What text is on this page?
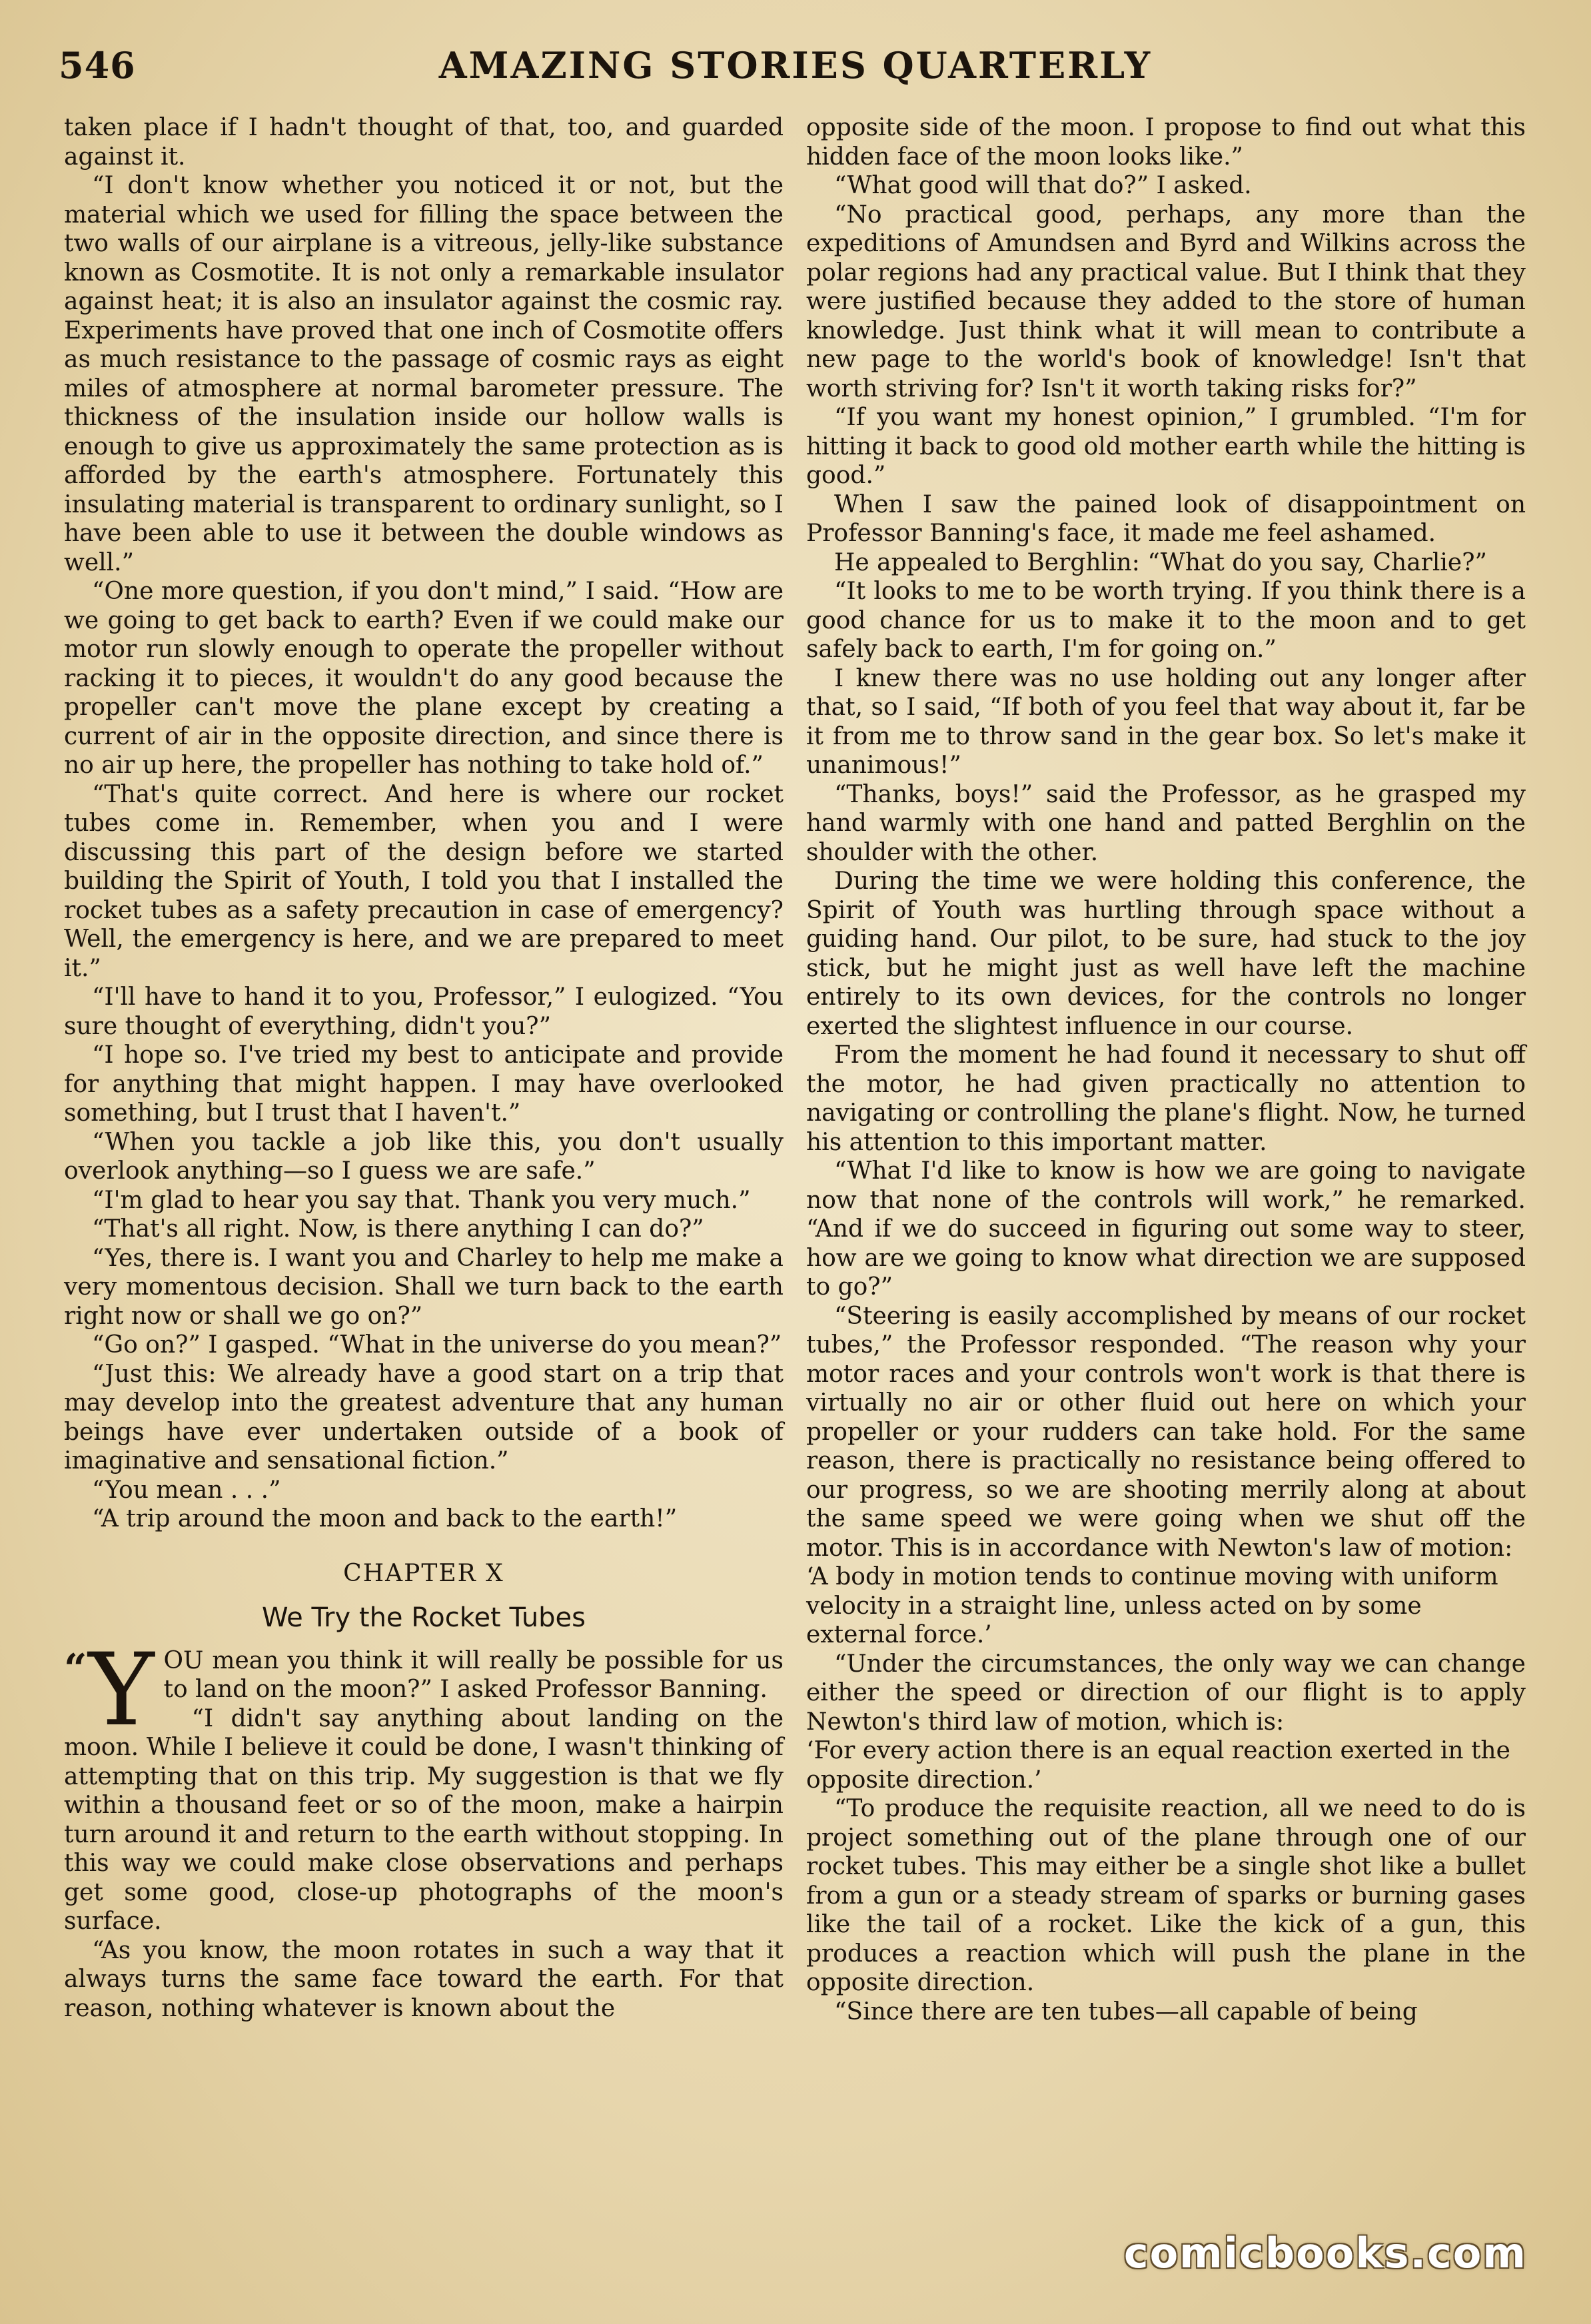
546	AMAZING STORIES QUARTERLY

taken place if I hadn't thought of that, too, and guarded against it.

“I don't know whether you noticed it or not, but the material which we used for filling the space between the two walls of our airplane is a vitreous, jelly-like substance known as Cosmotite. It is not only a remarkable insulator against heat; it is also an insulator against the cosmic ray. Experiments have proved that one inch of Cosmotite offers as much resistance to the passage of cosmic rays as eight miles of atmosphere at normal barometer pressure. The thickness of the insulation inside our hollow walls is enough to give us approximately the same protection as is afforded by the earth's atmosphere. Fortunately this insulating material is transparent to ordinary sunlight, so I have been able to use it between the double windows as well.”

“One more question, if you don't mind,” I said. “How are we going to get back to earth? Even if we could make our motor run slowly enough to operate the propeller without racking it to pieces, it wouldn't do any good because the propeller can't move the plane except by creating a current of air in the opposite direction, and since there is no air up here, the propeller has nothing to take hold of.”

“That's quite correct. And here is where our rocket tubes come in. Remember, when you and I were discussing this part of the design before we started building the Spirit of Youth, I told you that I installed the rocket tubes as a safety precaution in case of emergency? Well, the emergency is here, and we are prepared to meet it.”

“I'll have to hand it to you, Professor,” I eulogized. “You sure thought of everything, didn't you?”

“I hope so. I've tried my best to anticipate and provide for anything that might happen. I may have overlooked something, but I trust that I haven't.”

“When you tackle a job like this, you don't usually overlook anything—so I guess we are safe.”

“I'm glad to hear you say that. Thank you very much.”

“That's all right. Now, is there anything I can do?”

“Yes, there is. I want you and Charley to help me make a very momentous decision. Shall we turn back to the earth right now or shall we go on?”

“Go on?” I gasped. “What in the universe do you mean?”

“Just this: We already have a good start on a trip that may develop into the greatest adventure that any human beings have ever undertaken outside of a book of imaginative and sensational fiction.”

“You mean . . .”

“A trip around the moon and back to the earth!”

CHAPTER X
We Try the Rocket Tubes
“ Y OU mean you think it will really be possible for us to land on the moon?” I asked Professor Banning.

“I didn't say anything about landing on the moon. While I believe it could be done, I wasn't thinking of attempting that on this trip. My suggestion is that we fly within a thousand feet or so of the moon, make a hairpin turn around it and return to the earth without stopping. In this way we could make close observations and perhaps get some good, close-up photographs of the moon's surface.

“As you know, the moon rotates in such a way that it always turns the same face toward the earth. For that reason, nothing whatever is known about the

opposite side of the moon. I propose to find out what this hidden face of the moon looks like.”

“What good will that do?” I asked.

“No practical good, perhaps, any more than the expeditions of Amundsen and Byrd and Wilkins across the polar regions had any practical value. But I think that they were justified because they added to the store of human knowledge. Just think what it will mean to contribute a new page to the world's book of knowledge! Isn't that worth striving for? Isn't it worth taking risks for?”

“If you want my honest opinion,” I grumbled. “I'm for hitting it back to good old mother earth while the hitting is good.”

When I saw the pained look of disappointment on Professor Banning's face, it made me feel ashamed.

He appealed to Berghlin: “What do you say, Charlie?”

“It looks to me to be worth trying. If you think there is a good chance for us to make it to the moon and to get safely back to earth, I'm for going on.”

I knew there was no use holding out any longer after that, so I said, “If both of you feel that way about it, far be it from me to throw sand in the gear box. So let's make it unanimous!”

“Thanks, boys!” said the Professor, as he grasped my hand warmly with one hand and patted Berghlin on the shoulder with the other.

During the time we were holding this conference, the Spirit of Youth was hurtling through space without a guiding hand. Our pilot, to be sure, had stuck to the joy stick, but he might just as well have left the machine entirely to its own devices, for the controls no longer exerted the slightest influence in our course.

From the moment he had found it necessary to shut off the motor, he had given practically no attention to navigating or controlling the plane's flight. Now, he turned his attention to this important matter.

“What I'd like to know is how we are going to navigate now that none of the controls will work,” he remarked. “And if we do succeed in figuring out some way to steer, how are we going to know what direction we are supposed to go?”

“Steering is easily accomplished by means of our rocket tubes,” the Professor responded. “The reason why your motor races and your controls won't work is that there is virtually no air or other fluid out here on which your propeller or your rudders can take hold. For the same reason, there is practically no resistance being offered to our progress, so we are shooting merrily along at about the same speed we were going when we shut off the motor. This is in accordance with Newton's law of motion:

‘A body in motion tends to continue moving with uniform velocity in a straight line, unless acted on by some external force.’

“Under the circumstances, the only way we can change either the speed or direction of our flight is to apply Newton's third law of motion, which is:

‘For every action there is an equal reaction exerted in the opposite direction.’

“To produce the requisite reaction, all we need to do is project something out of the plane through one of our rocket tubes. This may either be a single shot like a bullet from a gun or a steady stream of sparks or burning gases like the tail of a rocket. Like the kick of a gun, this produces a reaction which will push the plane in the opposite direction.

“Since there are ten tubes—all capable of being

comicbooks.com
